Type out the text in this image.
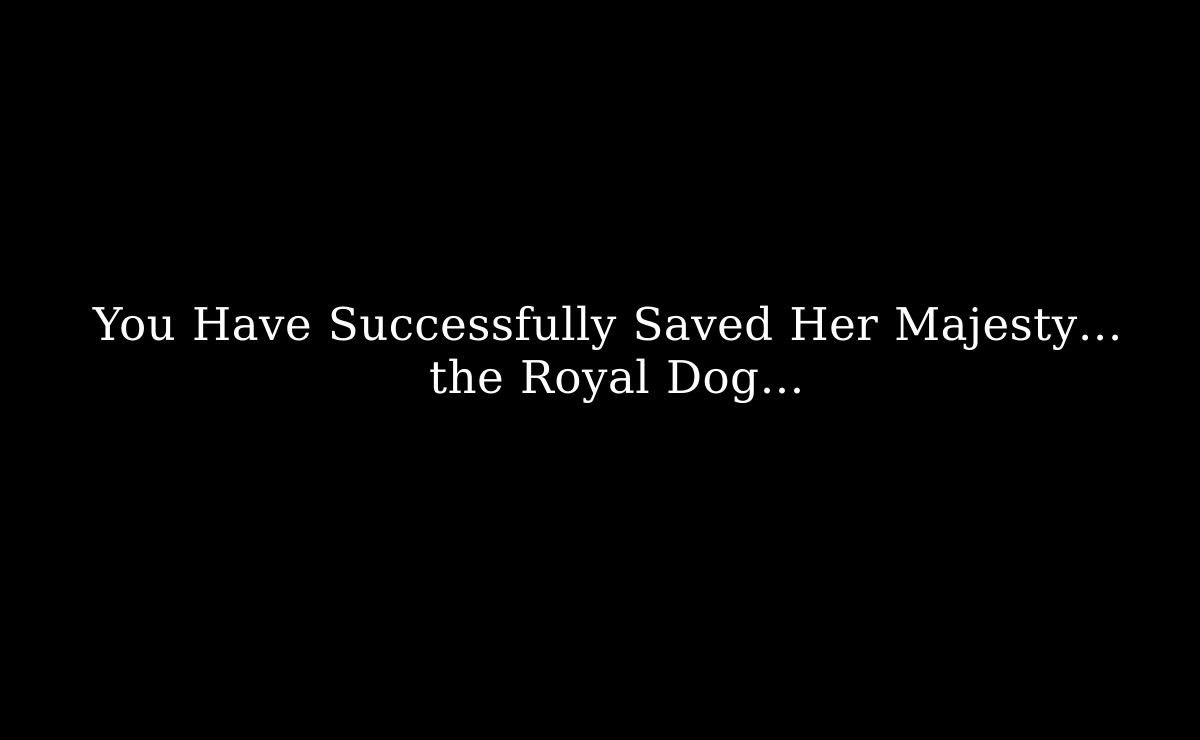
You Have Successfully Saved Her Majesty…
the Royal Dog…
